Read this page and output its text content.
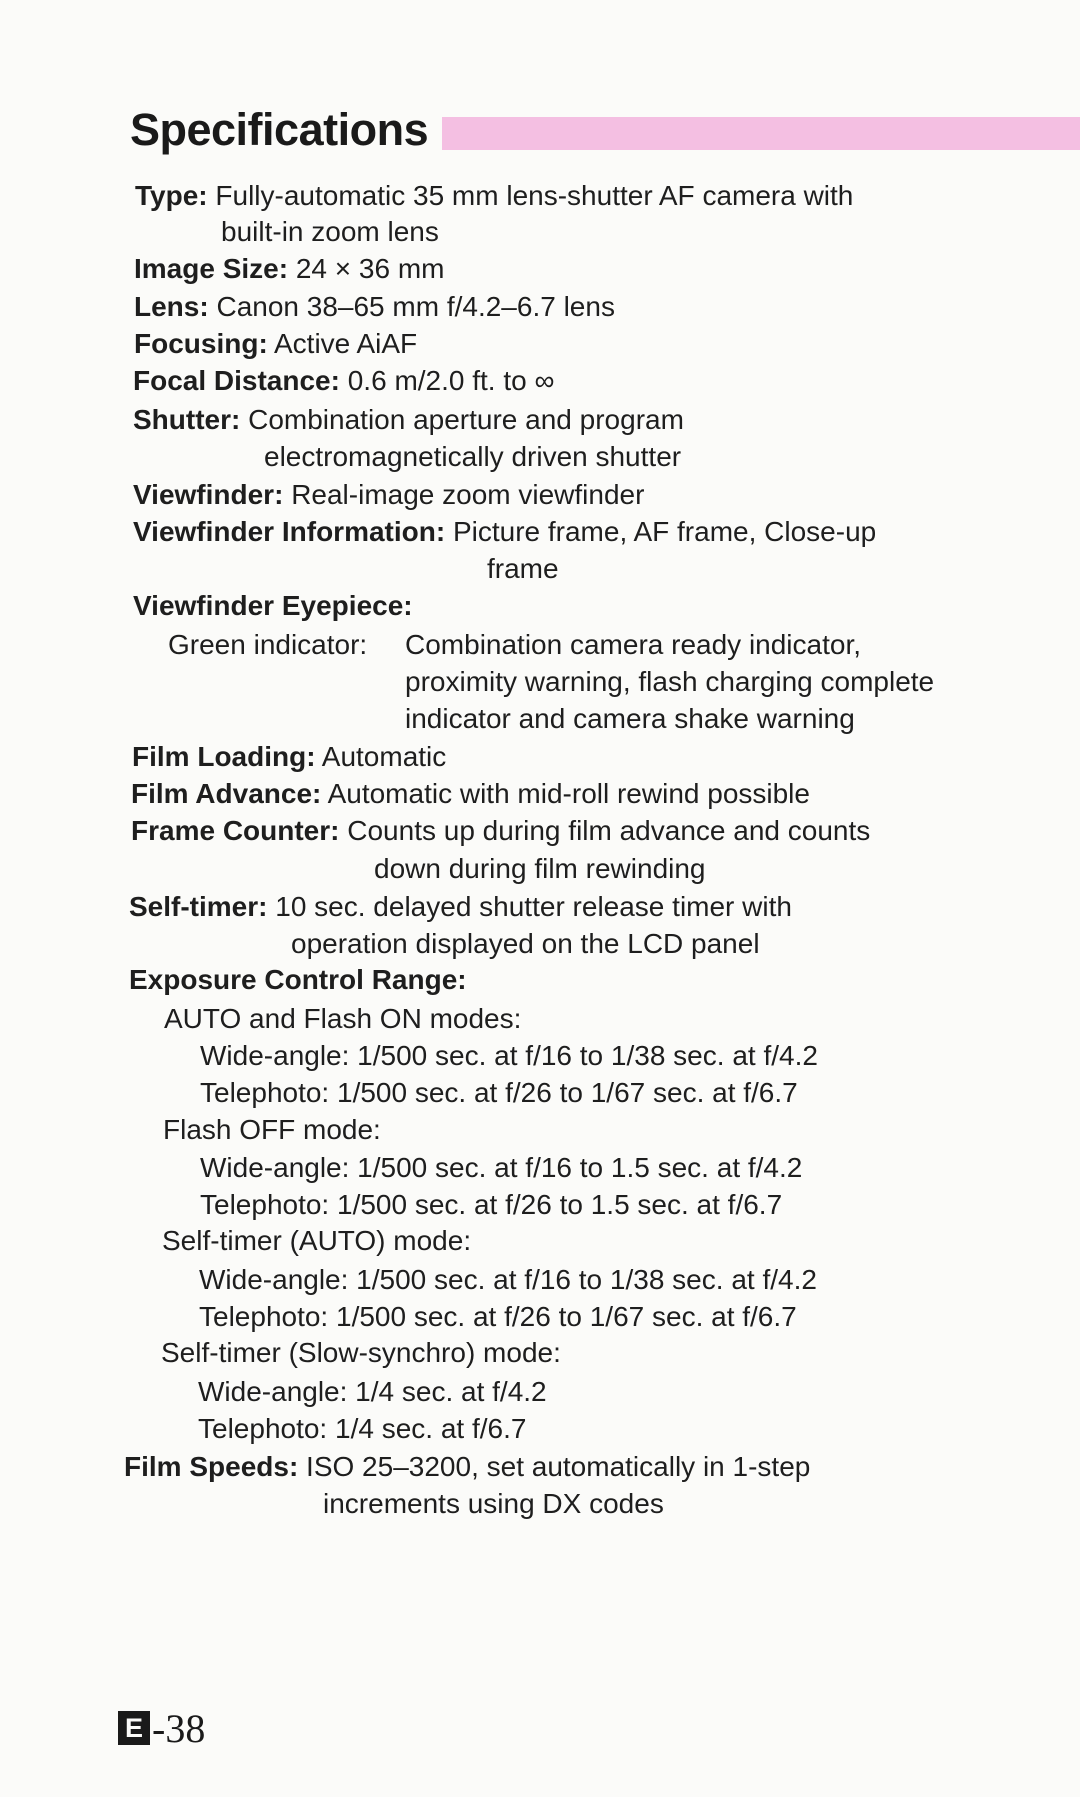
Specifications
Type: Fully-automatic 35 mm lens-shutter AF camera with
built-in zoom lens
Image Size: 24 × 36 mm
Lens: Canon 38–65 mm f/4.2–6.7 lens
Focusing: Active AiAF
Focal Distance: 0.6 m/2.0 ft. to ∞
Shutter: Combination aperture and program
electromagnetically driven shutter
Viewfinder: Real-image zoom viewfinder
Viewfinder Information: Picture frame, AF frame, Close-up
frame
Viewfinder Eyepiece:
Green indicator: Combination camera ready indicator,
proximity warning, flash charging complete
indicator and camera shake warning
Film Loading: Automatic
Film Advance: Automatic with mid-roll rewind possible
Frame Counter: Counts up during film advance and counts
down during film rewinding
Self-timer: 10 sec. delayed shutter release timer with
operation displayed on the LCD panel
Exposure Control Range:
AUTO and Flash ON modes:
Wide-angle: 1/500 sec. at f/16 to 1/38 sec. at f/4.2
Telephoto: 1/500 sec. at f/26 to 1/67 sec. at f/6.7
Flash OFF mode:
Wide-angle: 1/500 sec. at f/16 to 1.5 sec. at f/4.2
Telephoto: 1/500 sec. at f/26 to 1.5 sec. at f/6.7
Self-timer (AUTO) mode:
Wide-angle: 1/500 sec. at f/16 to 1/38 sec. at f/4.2
Telephoto: 1/500 sec. at f/26 to 1/67 sec. at f/6.7
Self-timer (Slow-synchro) mode:
Wide-angle: 1/4 sec. at f/4.2
Telephoto: 1/4 sec. at f/6.7
Film Speeds: ISO 25–3200, set automatically in 1-step
increments using DX codes
E -38
